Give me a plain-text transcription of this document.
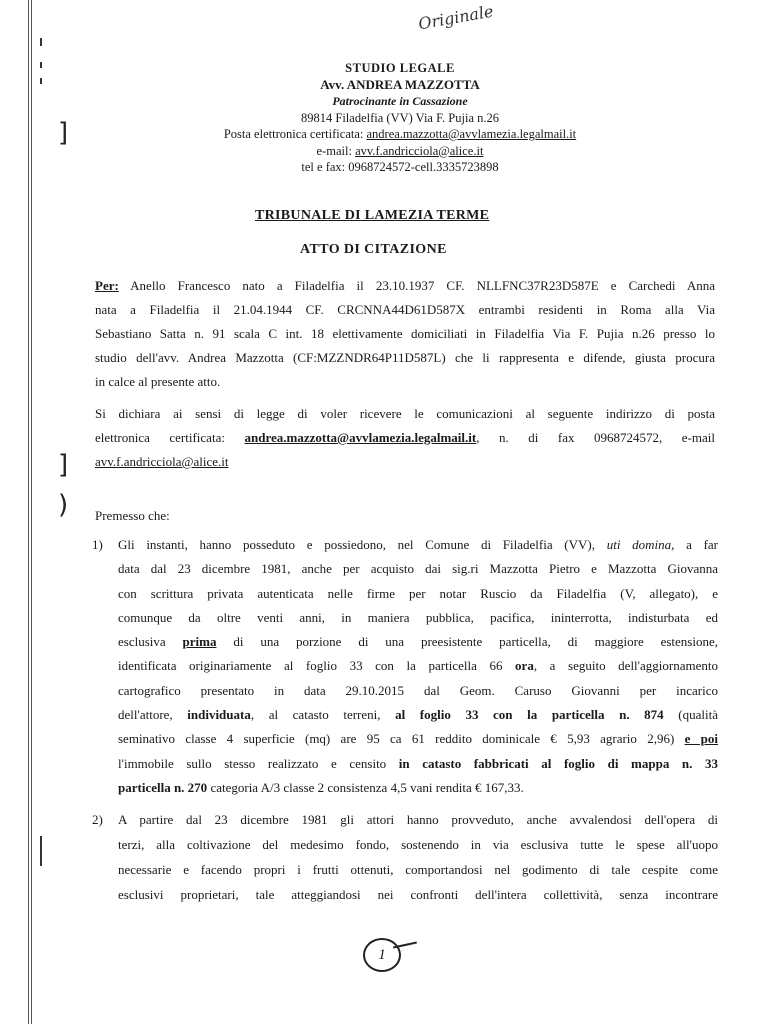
]
]
)
Originale
STUDIO LEGALE
Avv. ANDREA MAZZOTTA
Patrocinante in Cassazione
89814 Filadelfia (VV) Via F. Pujia n.26
Posta elettronica certificata: andrea.mazzotta@avvlamezia.legalmail.it
e-mail: avv.f.andricciola@alice.it
tel e fax: 0968724572-cell.3335723898
TRIBUNALE DI LAMEZIA TERME
ATTO DI CITAZIONE
Per: Anello Francesco nato a Filadelfia il 23.10.1937 CF. NLLFNC37R23D587E e Carchedi Anna
nata a Filadelfia il 21.04.1944 CF. CRCNNA44D61D587X entrambi residenti in Roma alla Via
Sebastiano Satta n. 91 scala C int. 18 elettivamente domiciliati in Filadelfia Via F. Pujia n.26 presso lo
studio dell'avv. Andrea Mazzotta (CF:MZZNDR64P11D587L) che li rappresenta e difende, giusta procura
in calce al presente atto.
Si dichiara ai sensi di legge di voler ricevere le comunicazioni al seguente indirizzo di posta
elettronica certificata: andrea.mazzotta@avvlamezia.legalmail.it, n. di fax 0968724572, e-mail
avv.f.andricciola@alice.it
Premesso che:
1) Gli instanti, hanno posseduto e possiedono, nel Comune di Filadelfia (VV), uti domina, a far
data dal 23 dicembre 1981, anche per acquisto dai sig.ri Mazzotta Pietro e Mazzotta Giovanna
con scrittura privata autenticata nelle firme per notar Ruscio da Filadelfia (V, allegato), e
comunque da oltre venti anni, in maniera pubblica, pacifica, ininterrotta, indisturbata ed
esclusiva prima di una porzione di una preesistente particella, di maggiore estensione,
identificata originariamente al foglio 33 con la particella 66 ora, a seguito dell'aggiornamento
cartografico presentato in data 29.10.2015 dal Geom. Caruso Giovanni per incarico
dell'attore, individuata, al catasto terreni, al foglio 33 con la particella n. 874 (qualità
seminativo classe 4 superficie (mq) are 95 ca 61 reddito dominicale € 5,93 agrario 2,96) e poi
l'immobile sullo stesso realizzato e censito in catasto fabbricati al foglio di mappa n. 33
particella n. 270 categoria A/3 classe 2 consistenza 4,5 vani rendita € 167,33.
2) A partire dal 23 dicembre 1981 gli attori hanno provveduto, anche avvalendosi dell'opera di
terzi, alla coltivazione del medesimo fondo, sostenendo in via esclusiva tutte le spese all'uopo
necessarie e facendo propri i frutti ottenuti, comportandosi nel godimento di tale cespite come
esclusivi proprietari, tale atteggiandosi nei confronti dell'intera collettività, senza incontrare
1
